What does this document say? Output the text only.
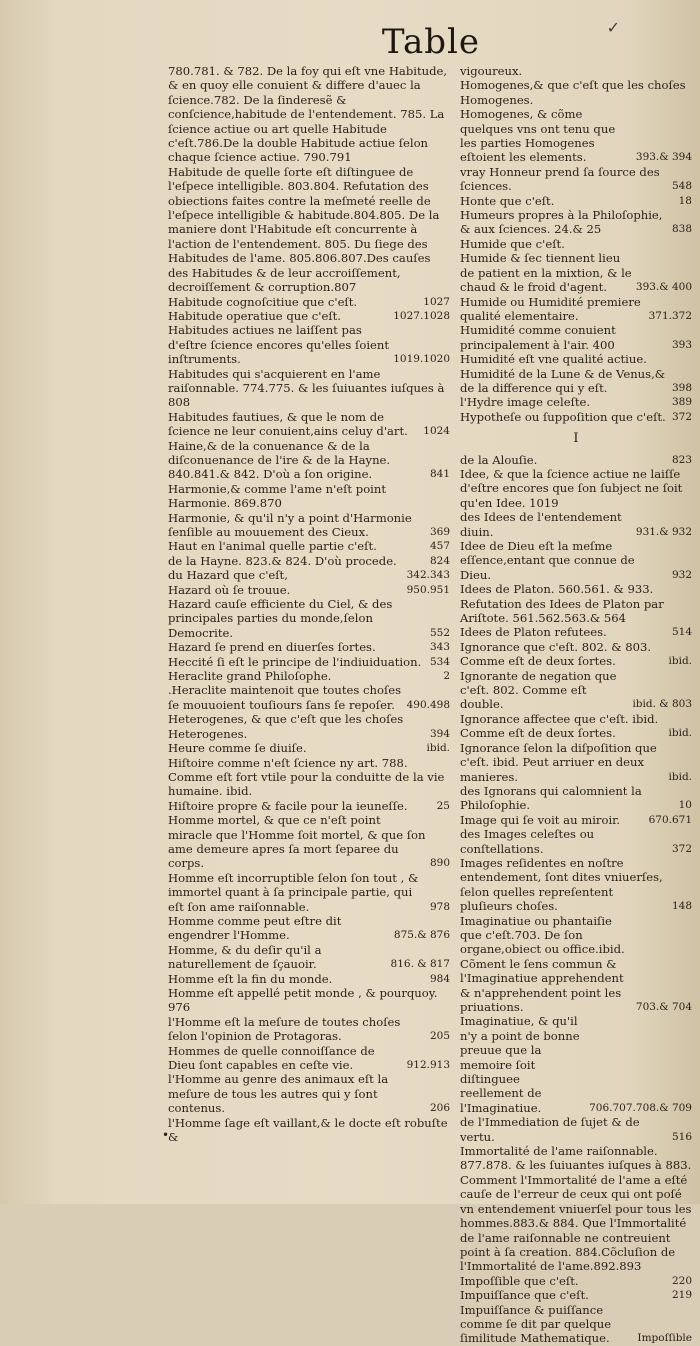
Table	✓
780.781. & 782. De la foy qui eſt vne Habitude, & en quoy elle conuient & differe d'auec la ſcience.782. De la ſinderesẽ & conſcience,habitude de l'entendement. 785. La ſcience actiue ou art quelle Habitude c'eſt.786.De la double Habitude actiue ſelon chaque ſcience actiue. 790.791
Habitude de quelle ſorte eſt diſtinguee de l'eſpece intelligible. 803.804. Refutation des obiections faites contre la meſmeté reelle de l'eſpece intelligible & habitude.804.805. De la maniere dont l'Habitude eſt concurrente à l'action de l'entendement. 805. Du ſiege des Habitudes de l'ame. 805.806.807.Des cauſes des Habitudes & de leur accroiſſement, decroiſſement & corruption.807
Habitude cognoſcitiue que c'eſt.	1027
Habitude operatiue que c'eſt.	1027.1028
Habitudes actiues ne laiſſent pas d'eſtre ſcience encores qu'elles ſoient inſtruments.	1019.1020
Habitudes qui s'acquierent en l'ame raiſonnable. 774.775. & les ſuiuantes iuſques à 808
Habitudes fautiues, & que le nom de ſcience ne leur conuient,ains celuy d'art.	1024
Haine,& de la conuenance & de la diſconuenance de l'ire & de la Hayne. 840.841.& 842. D'où a ſon origine.	841
Harmonie,& comme l'ame n'eſt point Harmonie. 869.870
Harmonie, & qu'il n'y a point d'Harmonie ſenſible au mouuement des Cieux.	369
Haut en l'animal quelle partie c'eſt.	457
de la Hayne. 823.& 824. D'où procede.	824
du Hazard que c'eſt,	342.343
Hazard où ſe trouue.	950.951
Hazard cauſe efficiente du Ciel, & des principales parties du monde,ſelon Democrite.	552
Hazard ſe prend en diuerſes ſortes.	343
Heccité ſi eſt le principe de l'indiuiduation. 534
Heraclite grand Philoſophe.	2
.Heraclite maintenoit que toutes choſes ſe mouuoient touſiours ſans ſe repoſer.	490.498
Heterogenes, & que c'eſt que les choſes Heterogenes.	394
Heure comme ſe diuiſe.	ibid.
Hiſtoire comme n'eſt ſcience ny art. 788. Comme eſt fort vtile pour la conduitte de la vie humaine. ibid.
Hiſtoire propre & facile pour la ieuneſſe.	25
Homme mortel, & que ce n'eſt point miracle que l'Homme ſoit mortel, & que ſon ame demeure apres ſa mort ſeparee du corps.	890
Homme eſt incorruptible ſelon ſon tout , & immortel quant à ſa principale partie, qui eſt ſon ame raiſonnable.	978
Homme comme peut eſtre dit engendrer l'Homme.	875.& 876
Homme, & du deſir qu'il a naturellement de ſçauoir.	816. & 817
Homme eſt la fin du monde.	984
Homme eſt appellé petit monde , & pourquoy. 976
l'Homme eſt la meſure de toutes choſes ſelon l'opinion de Protagoras.	205
Hommes de quelle connoiſſance de Dieu ſont capables en ceſte vie.	912.913
l'Homme au genre des animaux eſt la meſure de tous les autres qui y ſont contenus.	206
l'Homme ſage eſt vaillant,& le docte eſt robuſte &
vigoureux.
Homogenes,& que c'eſt que les choſes Homogenes.
Homogenes, & cõme quelques vns ont tenu que les parties Homogenes eſtoient les elements.	393.& 394
vray Honneur prend ſa ſource des ſciences.	548
Honte que c'eſt.	18
Humeurs propres à la Philoſophie, & aux ſciences. 24.& 25	838
Humide que c'eſt.
Humide & ſec tiennent lieu de patient en la mixtion, & le chaud & le froid d'agent.	393.& 400
Humide ou Humidité premiere qualité elementaire.	371.372
Humidité comme conuient principalement à l'air. 400	393
Humidité eſt vne qualité actiue.
Humidité de la Lune & de Venus,& de la difference qui y eſt.	398
l'Hydre image celeſte.	389
Hypotheſe ou ſuppoſition que c'eſt. 372
I
de la Alouſie.	823
Idee, & que la ſcience actiue ne laiſſe d'eſtre encores que ſon ſubject ne ſoit qu'en Idee. 1019
des Idees de l'entendement diuin.	931.& 932
Idee de Dieu eſt la meſme eſſence,entant que connue de Dieu.	932
Idees de Platon. 560.561. & 933. Refutation des Idees de Platon par Ariſtote. 561.562.563.& 564
Idees de Platon refutees.	514
Ignorance que c'eſt. 802. & 803. Comme eſt de deux ſortes.	ibid.
Ignorante de negation que c'eſt. 802. Comme eſt double.	ibid. & 803
Ignorance affectee que c'eſt. ibid. Comme eſt de deux ſortes.	ibid.
Ignorance ſelon la diſpoſition que c'eſt. ibid. Peut arriuer en deux manieres.	ibid.
des Ignorans qui calomnient la Philoſophie.	10
Image qui ſe voit au miroir.	670.671
des Images celeſtes ou conſtellations.	372
Images reſidentes en noſtre entendement, ſont dites vniuerſes, ſelon quelles repreſentent pluſieurs choſes.	148
Imaginatiue ou phantaiſie que c'eſt.703. De ſon organe,obiect ou office.ibid. Cõment le ſens commun & l'Imaginatiue apprehendent & n'apprehendent point les priuations.	703.& 704
Imaginatiue, & qu'il n'y a point de bonne preuue que la memoire ſoit diſtinguee reellement de l'Imaginatiue.	706.707.708.& 709
de l'Immediation de ſujet & de vertu.	516
Immortalité de l'ame raiſonnable. 877.878. & les ſuiuantes iuſques à 883. Comment l'Immortalité de l'ame a eſté cauſe de l'erreur de ceux qui ont poſé vn entendement vniuerſel pour tous les hommes.883.& 884. Que l'Immortalité de l'ame raiſonnable ne contreuient point à ſa creation. 884.Cõcluſion de l'Immortalité de l'ame.892.893
Impoſſible que c'eſt.	220
Impuiſſance que c'eſt.	219
Impuiſſance & puiſſance comme ſe dit par quelque ſimilitude Mathematique.	Impoſſible
•
